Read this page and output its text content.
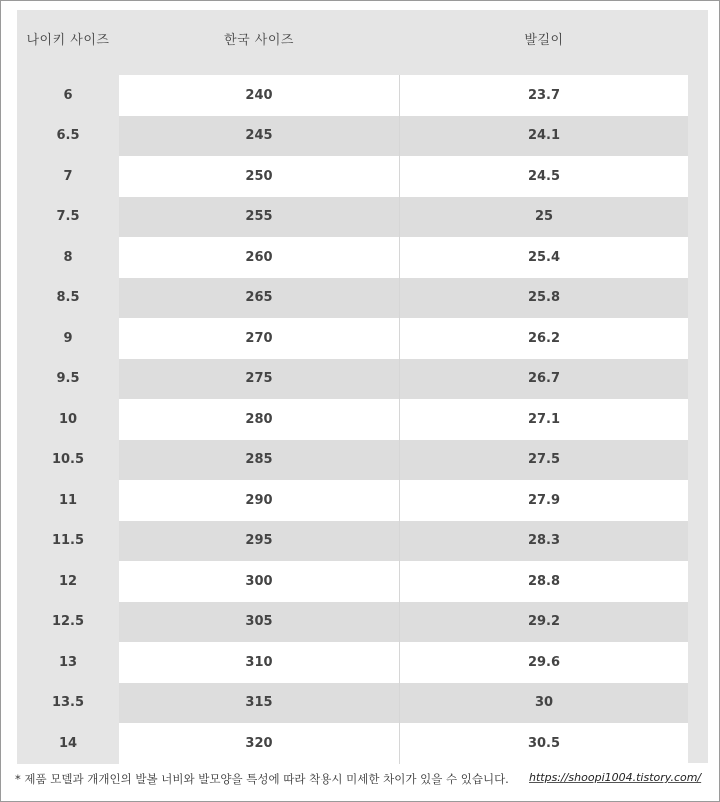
나이키 사이즈	한국 사이즈	발길이
6	240	23.7
6.5	245	24.1
7	250	24.5
7.5	255	25
8	260	25.4
8.5	265	25.8
9	270	26.2
9.5	275	26.7
10	280	27.1
10.5	285	27.5
11	290	27.9
11.5	295	28.3
12	300	28.8
12.5	305	29.2
13	310	29.6
13.5	315	30
14	320	30.5
* 제품 모델과 개개인의 발볼 너비와 발모양을 특성에 따라 착용시 미세한 차이가 있을 수 있습니다. https://shoopi1004.tistory.com/
